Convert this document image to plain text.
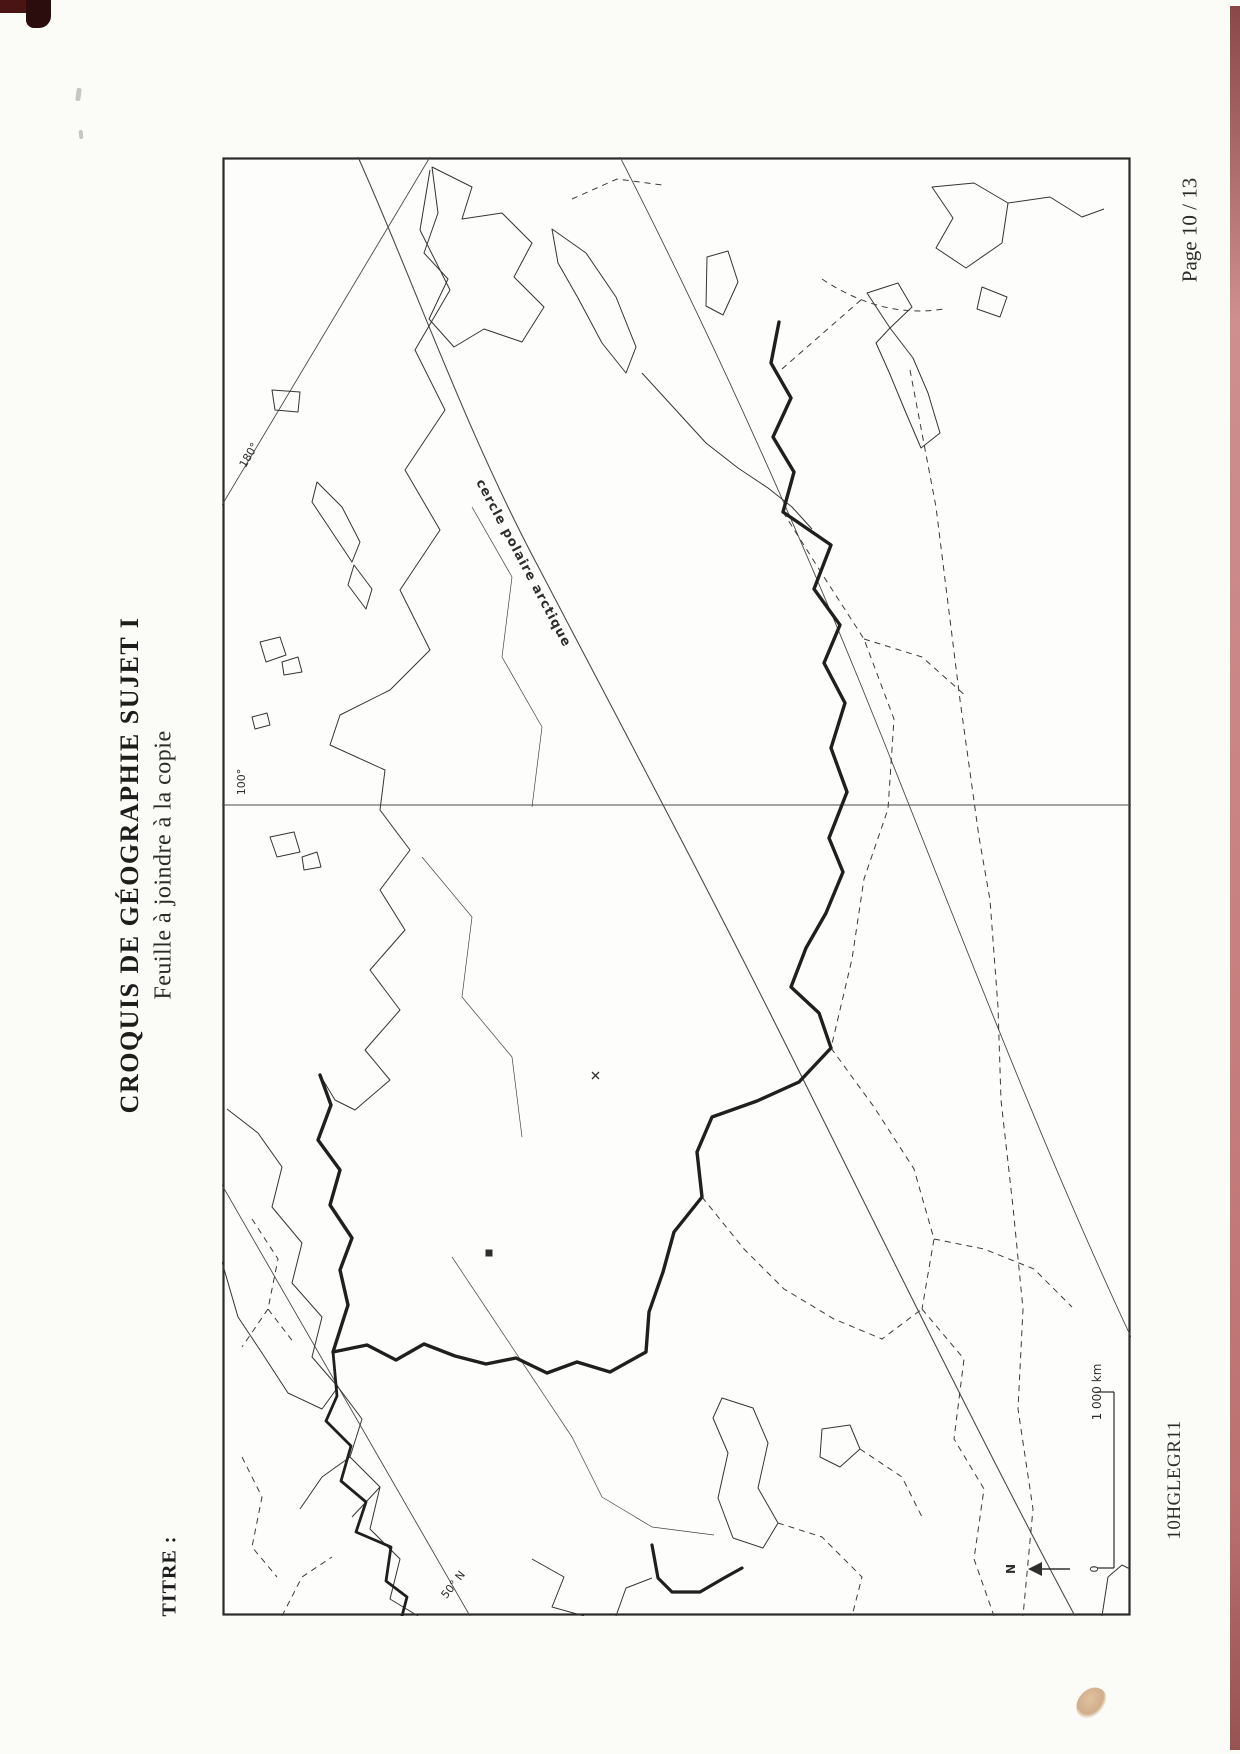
CROQUIS DE GÉOGRAPHIE SUJET I Feuille à joindre à la copie
TITRE :
Page 10 / 13
10HGLEGR11
180°
100°
50° N
cercle polaire arctique
1 000 km
0
N
